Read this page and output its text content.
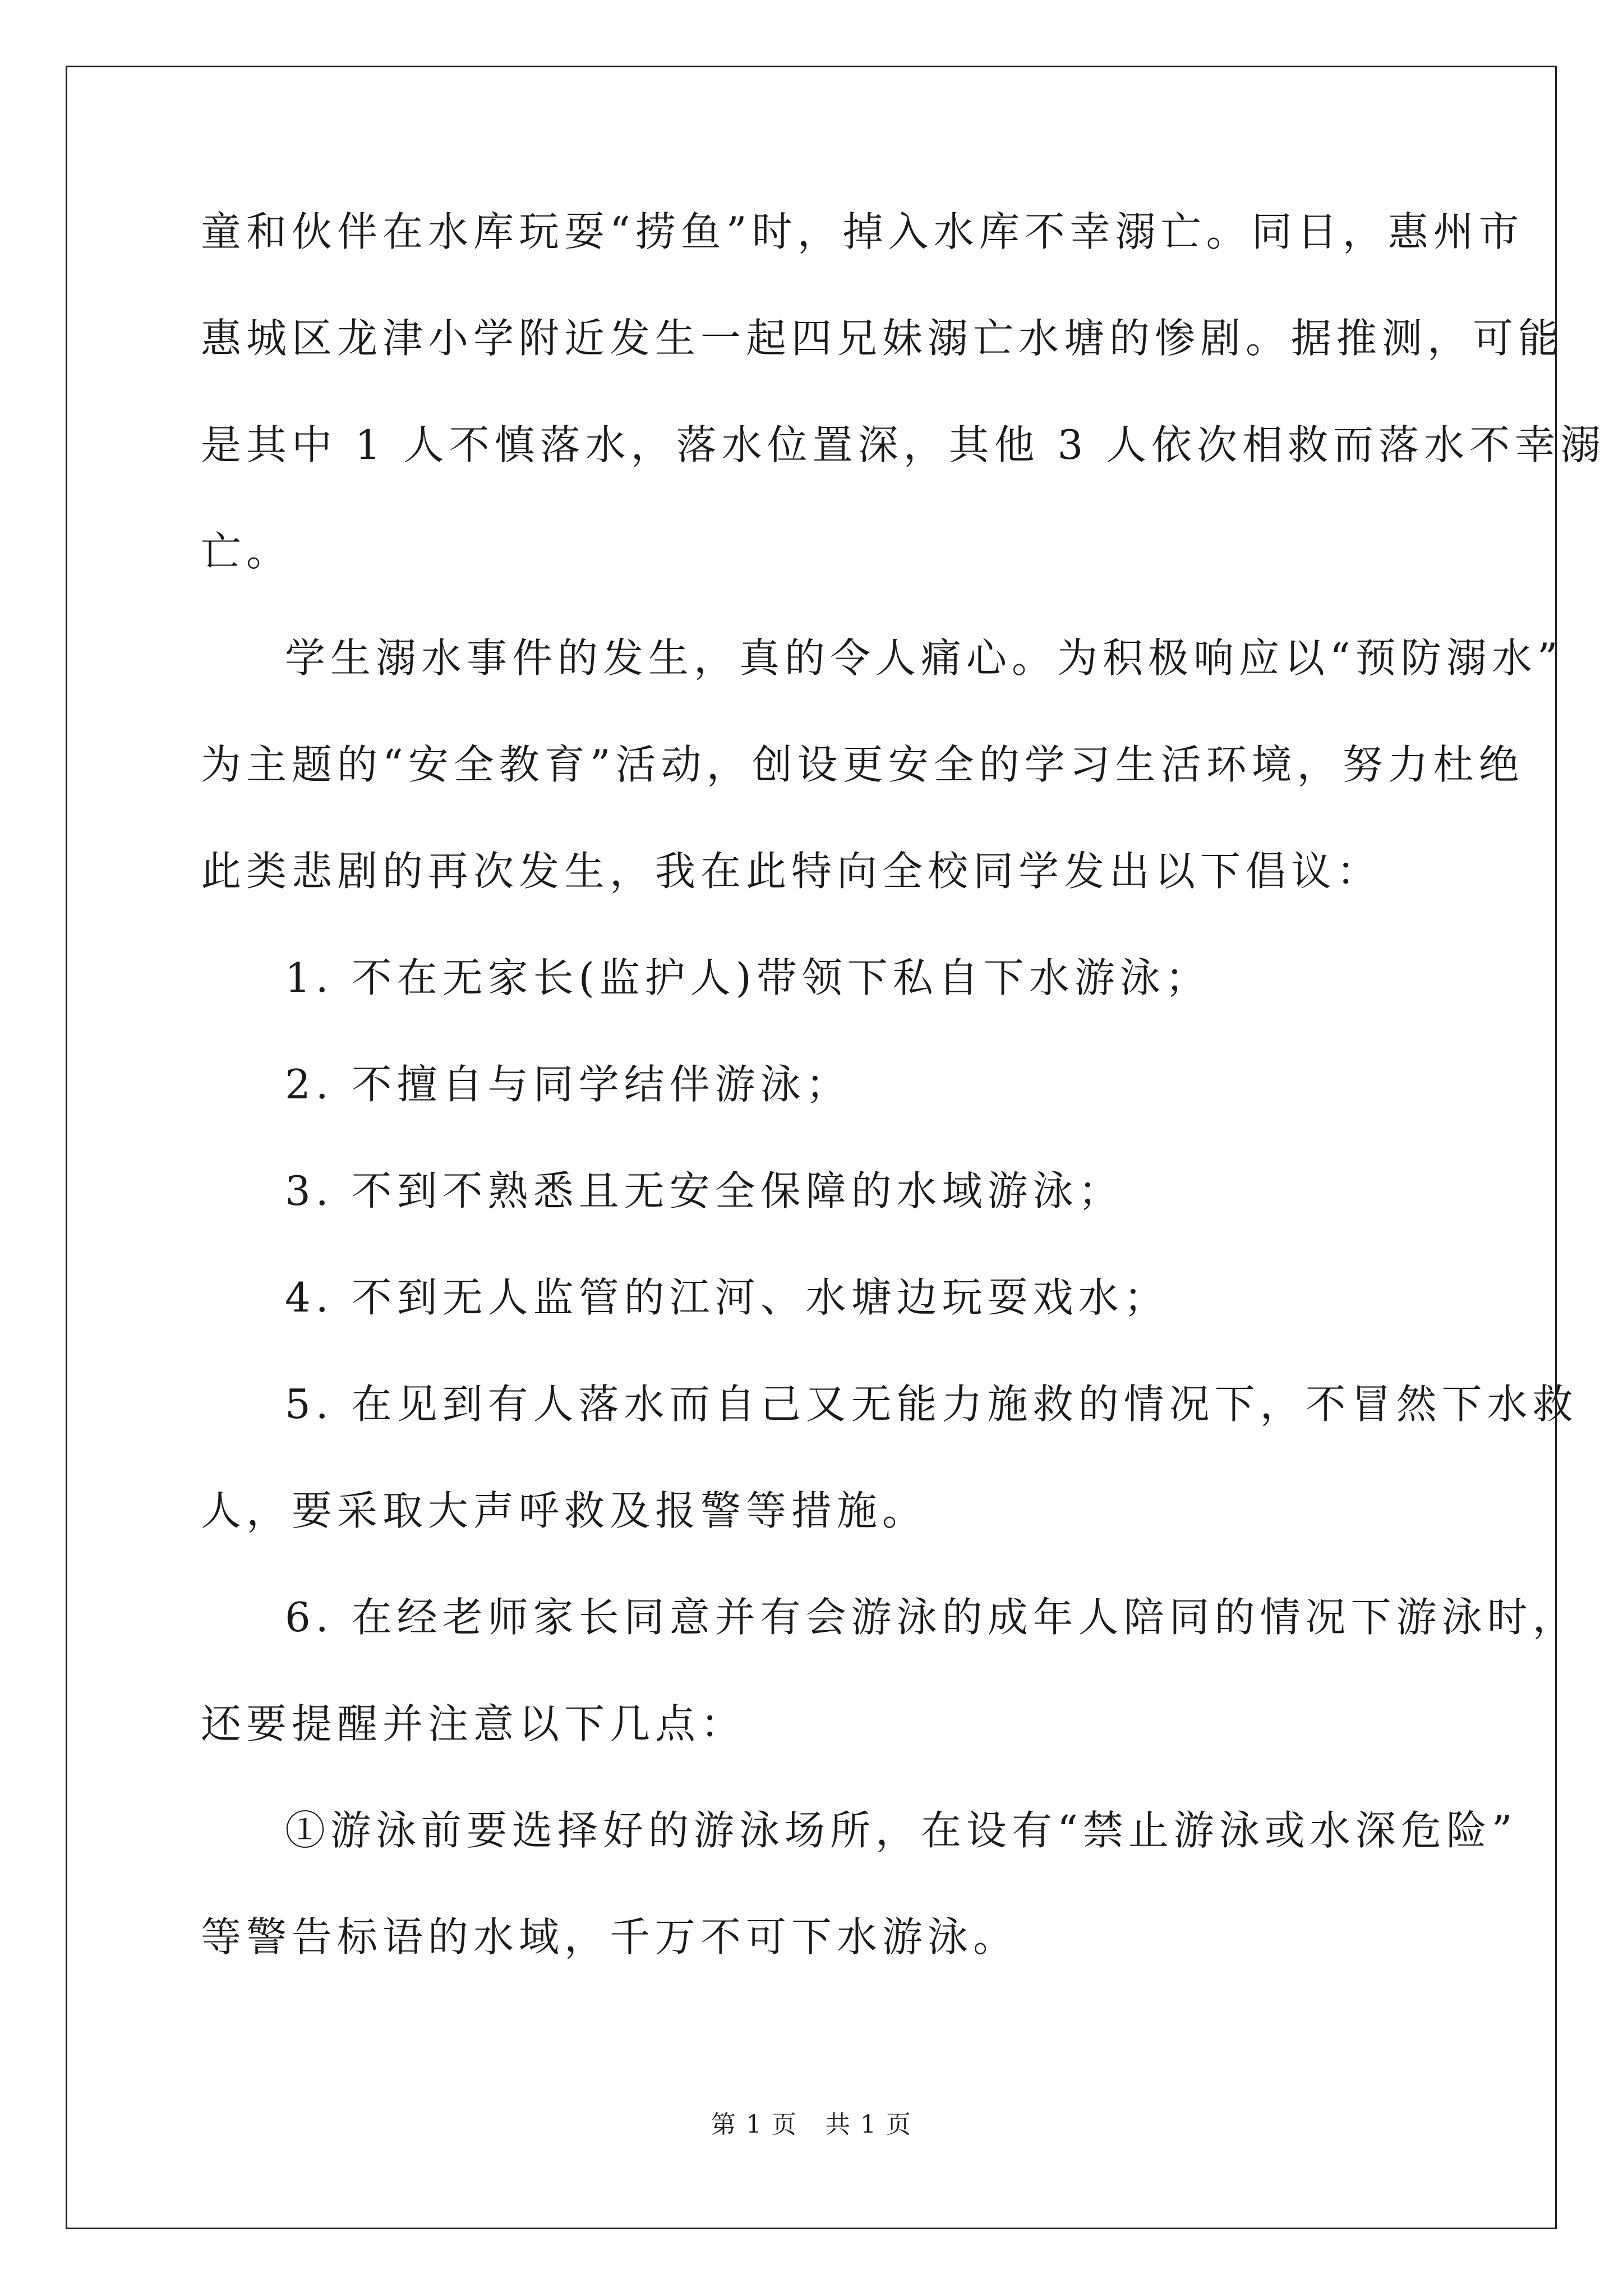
童和伙伴在水库玩耍“捞鱼”时，掉入水库不幸溺亡。同日，惠州市
惠城区龙津小学附近发生一起四兄妹溺亡水塘的惨剧。据推测，可能
是其中 1 人不慎落水，落水位置深，其他 3 人依次相救而落水不幸溺
亡。
学生溺水事件的发生，真的令人痛心。为积极响应以“预防溺水”
为主题的“安全教育”活动，创设更安全的学习生活环境，努力杜绝
此类悲剧的再次发生，我在此特向全校同学发出以下倡议：
1. 不在无家长(监护人)带领下私自下水游泳；
2. 不擅自与同学结伴游泳；
3. 不到不熟悉且无安全保障的水域游泳；
4. 不到无人监管的江河、水塘边玩耍戏水；
5. 在见到有人落水而自己又无能力施救的情况下，不冒然下水救
人，要采取大声呼救及报警等措施。
6. 在经老师家长同意并有会游泳的成年人陪同的情况下游泳时，
还要提醒并注意以下几点：
①游泳前要选择好的游泳场所，在设有“禁止游泳或水深危险”
等警告标语的水域，千万不可下水游泳。
第 1 页 共 1 页
